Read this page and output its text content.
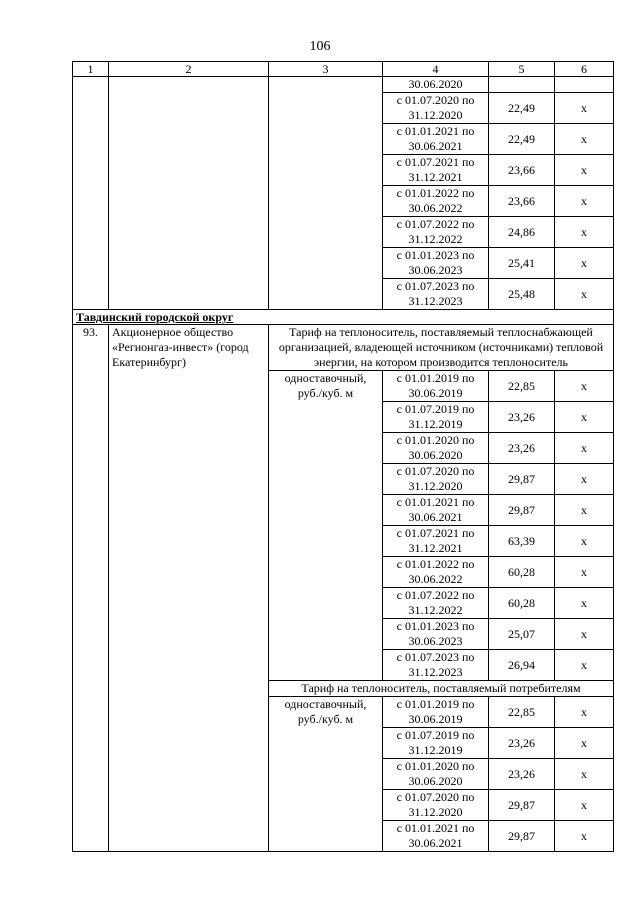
106
1	2	3	4	5	6
			30.06.2020		
			с 01.07.2020 по 31.12.2020	22,49	х
			с 01.01.2021 по 30.06.2021	22,49	х
			с 01.07.2021 по 31.12.2021	23,66	х
			с 01.01.2022 по 30.06.2022	23,66	х
			с 01.07.2022 по 31.12.2022	24,86	х
			с 01.01.2023 по 30.06.2023	25,41	х
			с 01.07.2023 по 31.12.2023	25,48	х
Тавдинский городской округ					
93.	Акционерное общество «Регионгаз-инвест» (город Екатеринбург)	Тариф на теплоноситель, поставляемый теплоснабжающей организацией, владеющей источником (источниками) тепловой энергии, на котором производится теплоноситель			
		одноставочный, руб./куб. м	с 01.01.2019 по 30.06.2019	22,85	х
			с 01.07.2019 по 31.12.2019	23,26	х
			с 01.01.2020 по 30.06.2020	23,26	х
			с 01.07.2020 по 31.12.2020	29,87	х
			с 01.01.2021 по 30.06.2021	29,87	х
			с 01.07.2021 по 31.12.2021	63,39	х
			с 01.01.2022 по 30.06.2022	60,28	х
			с 01.07.2022 по 31.12.2022	60,28	х
			с 01.01.2023 по 30.06.2023	25,07	х
			с 01.07.2023 по 31.12.2023	26,94	х
		Тариф на теплоноситель, поставляемый потребителям			
		одноставочный, руб./куб. м	с 01.01.2019 по 30.06.2019	22,85	х
			с 01.07.2019 по 31.12.2019	23,26	х
			с 01.01.2020 по 30.06.2020	23,26	х
			с 01.07.2020 по 31.12.2020	29,87	х
			с 01.01.2021 по 30.06.2021	29,87	х
